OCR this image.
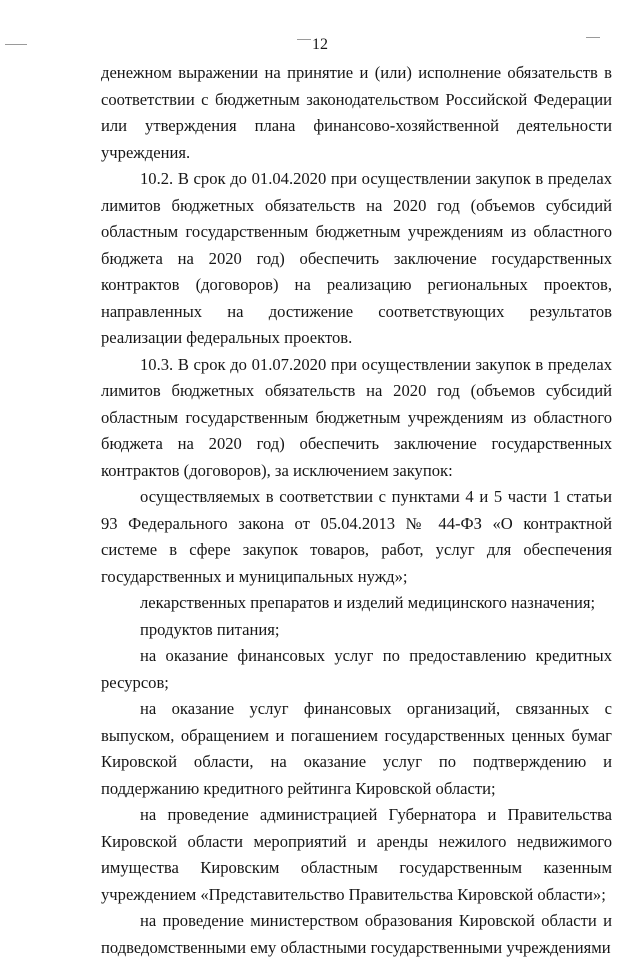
12

денежном выражении на принятие и (или) исполнение обязательств в соответствии с бюджетным законодательством Российской Федерации или утверждения плана финансово-хозяйственной деятельности учреждения.

10.2. В срок до 01.04.2020 при осуществлении закупок в пределах лимитов бюджетных обязательств на 2020 год (объемов субсидий областным государственным бюджетным учреждениям из областного бюджета на 2020 год) обеспечить заключение государственных контрактов (договоров) на реализацию региональных проектов, направленных на достижение соответствующих результатов реализации федеральных проектов.

10.3. В срок до 01.07.2020 при осуществлении закупок в пределах лимитов бюджетных обязательств на 2020 год (объемов субсидий областным государственным бюджетным учреждениям из областного бюджета на 2020 год) обеспечить заключение государственных контрактов (договоров), за исключением закупок:

осуществляемых в соответствии с пунктами 4 и 5 части 1 статьи 93 Федерального закона от 05.04.2013 № 44-ФЗ «О контрактной системе в сфере закупок товаров, работ, услуг для обеспечения государственных и муниципальных нужд»;

лекарственных препаратов и изделий медицинского назначения;

продуктов питания;

на оказание финансовых услуг по предоставлению кредитных ресурсов;

на оказание услуг финансовых организаций, связанных с выпуском, обращением и погашением государственных ценных бумаг Кировской области, на оказание услуг по подтверждению и поддержанию кредитного рейтинга Кировской области;

на проведение администрацией Губернатора и Правительства Кировской области мероприятий и аренды нежилого недвижимого имущества Кировским областным государственным казенным учреждением «Представительство Правительства Кировской области»;

на проведение министерством образования Кировской области и подведомственными ему областными государственными учреждениями
